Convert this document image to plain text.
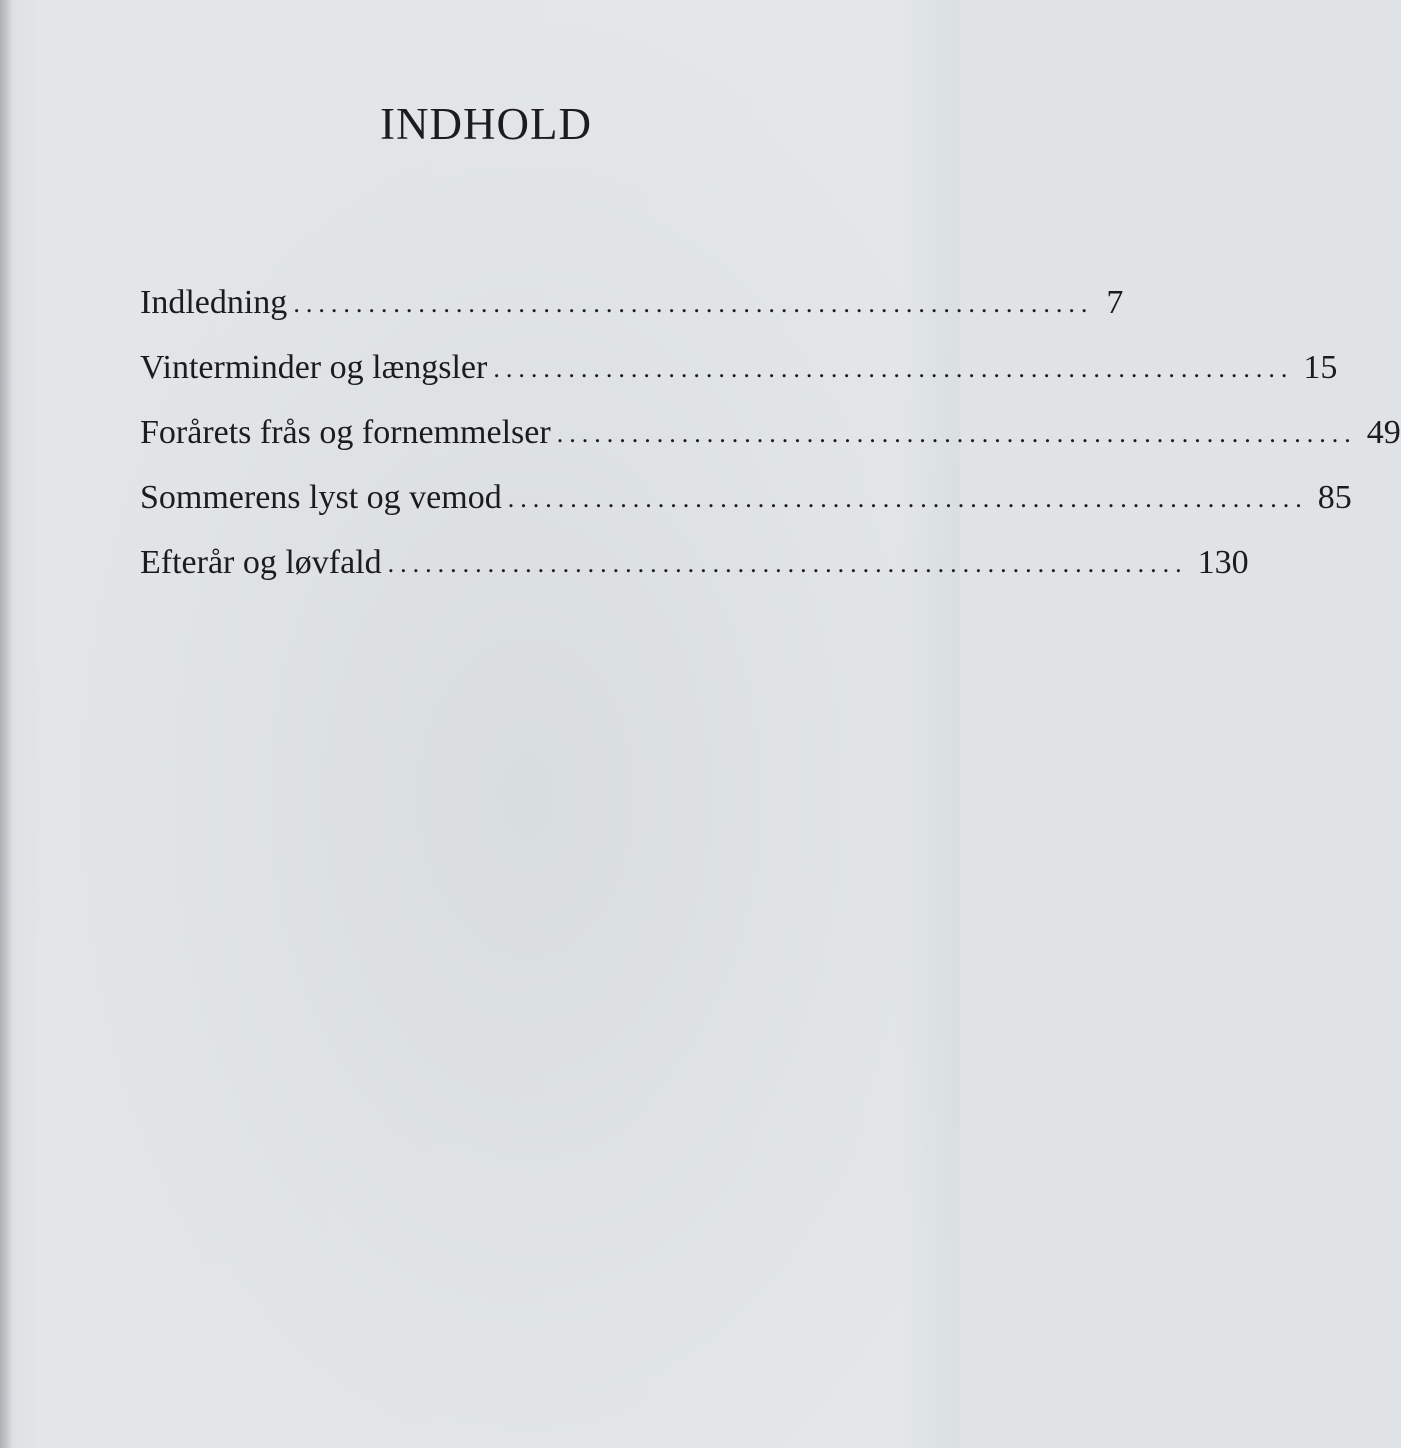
INDHOLD
Indledning ................................................................ 7
Vinterminder og længsler ................................................................ 15
Forårets frås og fornemmelser ................................................................ 49
Sommerens lyst og vemod ................................................................ 85
Efterår og løvfald ................................................................ 130
